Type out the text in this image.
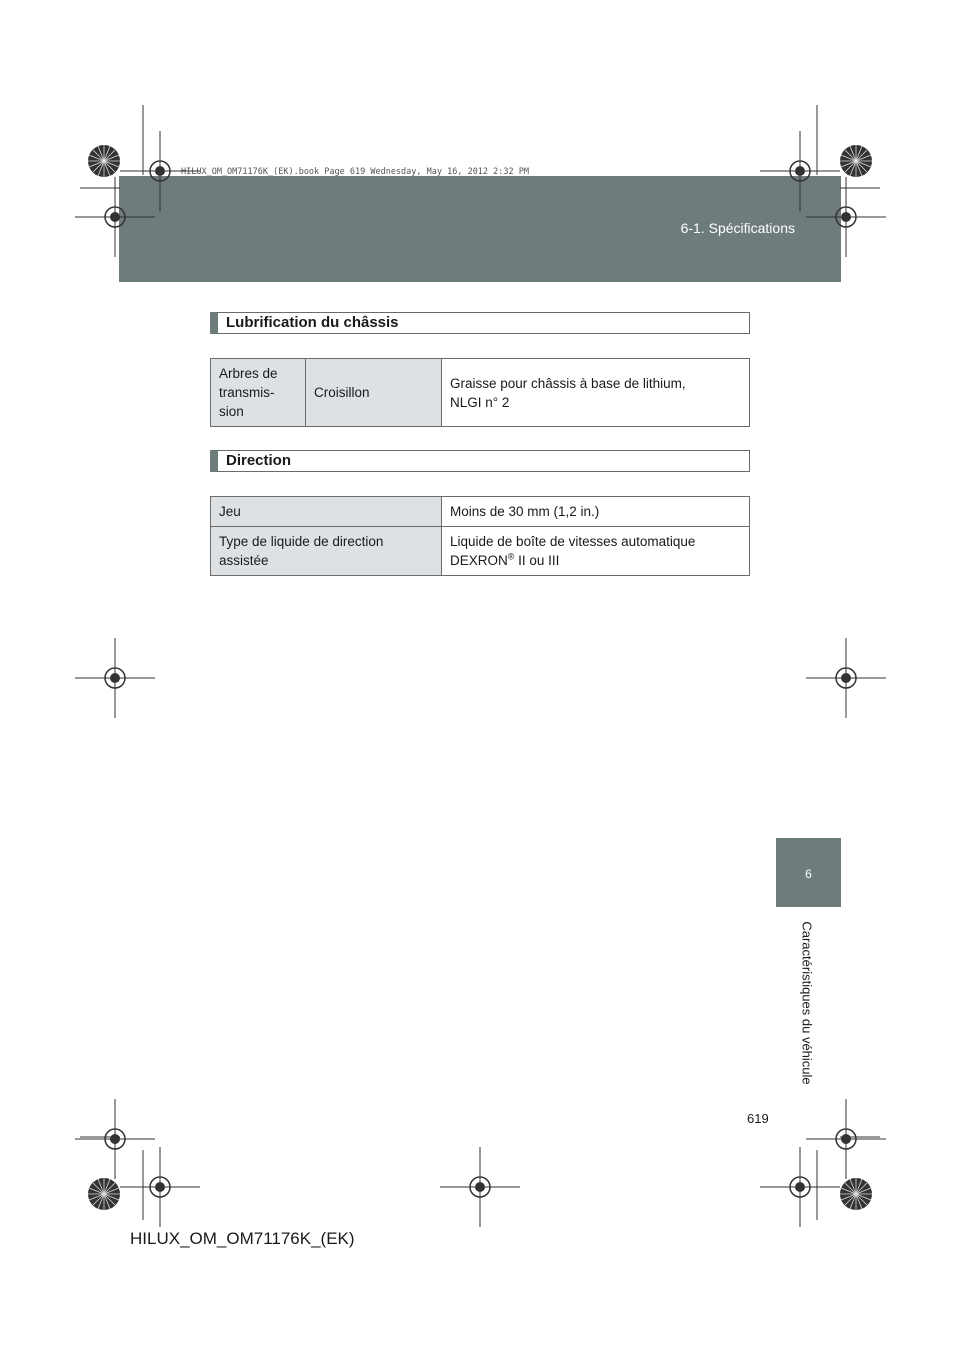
6-1. Spécifications
HILUX_OM_OM71176K_(EK).book Page 619 Wednesday, May 16, 2012 2:32 PM
6
Caractéristiques du véhicule
Lubrification du châssis
Arbres de
transmis-
sion	Croisillon	Graisse pour châssis à base de lithium,
NLGI n° 2
Direction
Jeu	Moins de 30 mm (1,2 in.)
Type de liquide de direction
assistée	Liquide de boîte de vitesses automatique
DEXRON® II ou III
619
HILUX_OM_OM71176K_(EK)
